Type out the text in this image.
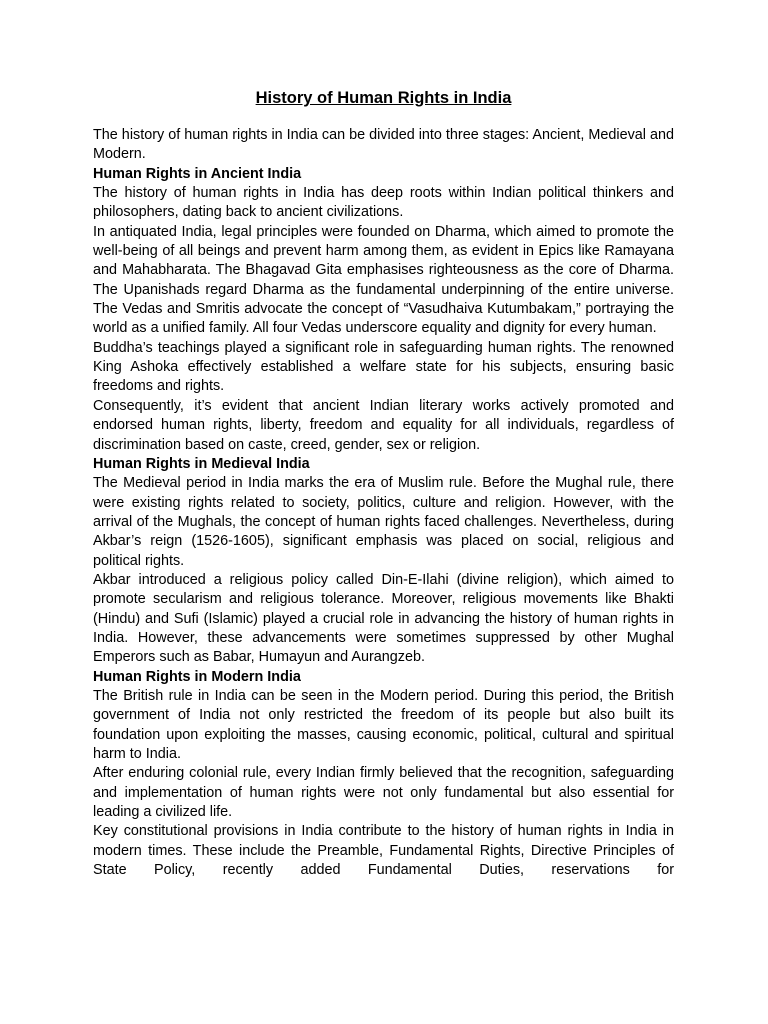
History of Human Rights in India

The history of human rights in India can be divided into three stages: Ancient, Medieval and Modern.

Human Rights in Ancient India

The history of human rights in India has deep roots within Indian political thinkers and philosophers, dating back to ancient civilizations.

In antiquated India, legal principles were founded on Dharma, which aimed to promote the well-being of all beings and prevent harm among them, as evident in Epics like Ramayana and Mahabharata. The Bhagavad Gita emphasises righteousness as the core of Dharma. The Upanishads regard Dharma as the fundamental underpinning of the entire universe. The Vedas and Smritis advocate the concept of “Vasudhaiva Kutumbakam,” portraying the world as a unified family. All four Vedas underscore equality and dignity for every human.

Buddha’s teachings played a significant role in safeguarding human rights. The renowned King Ashoka effectively established a welfare state for his subjects, ensuring basic freedoms and rights.

Consequently, it’s evident that ancient Indian literary works actively promoted and endorsed human rights, liberty, freedom and equality for all individuals, regardless of discrimination based on caste, creed, gender, sex or religion.

Human Rights in Medieval India

The Medieval period in India marks the era of Muslim rule. Before the Mughal rule, there were existing rights related to society, politics, culture and religion. However, with the arrival of the Mughals, the concept of human rights faced challenges. Nevertheless, during Akbar’s reign (1526-1605), significant emphasis was placed on social, religious and political rights.

Akbar introduced a religious policy called Din-E-Ilahi (divine religion), which aimed to promote secularism and religious tolerance. Moreover, religious movements like Bhakti (Hindu) and Sufi (Islamic) played a crucial role in advancing the history of human rights in India. However, these advancements were sometimes suppressed by other Mughal Emperors such as Babar, Humayun and Aurangzeb.

Human Rights in Modern India

The British rule in India can be seen in the Modern period. During this period, the British government of India not only restricted the freedom of its people but also built its foundation upon exploiting the masses, causing economic, political, cultural and spiritual harm to India.

After enduring colonial rule, every Indian firmly believed that the recognition, safeguarding and implementation of human rights were not only fundamental but also essential for leading a civilized life.

Key constitutional provisions in India contribute to the history of human rights in India in modern times. These include the Preamble, Fundamental Rights, Directive Principles of State Policy, recently added Fundamental Duties, reservations for
